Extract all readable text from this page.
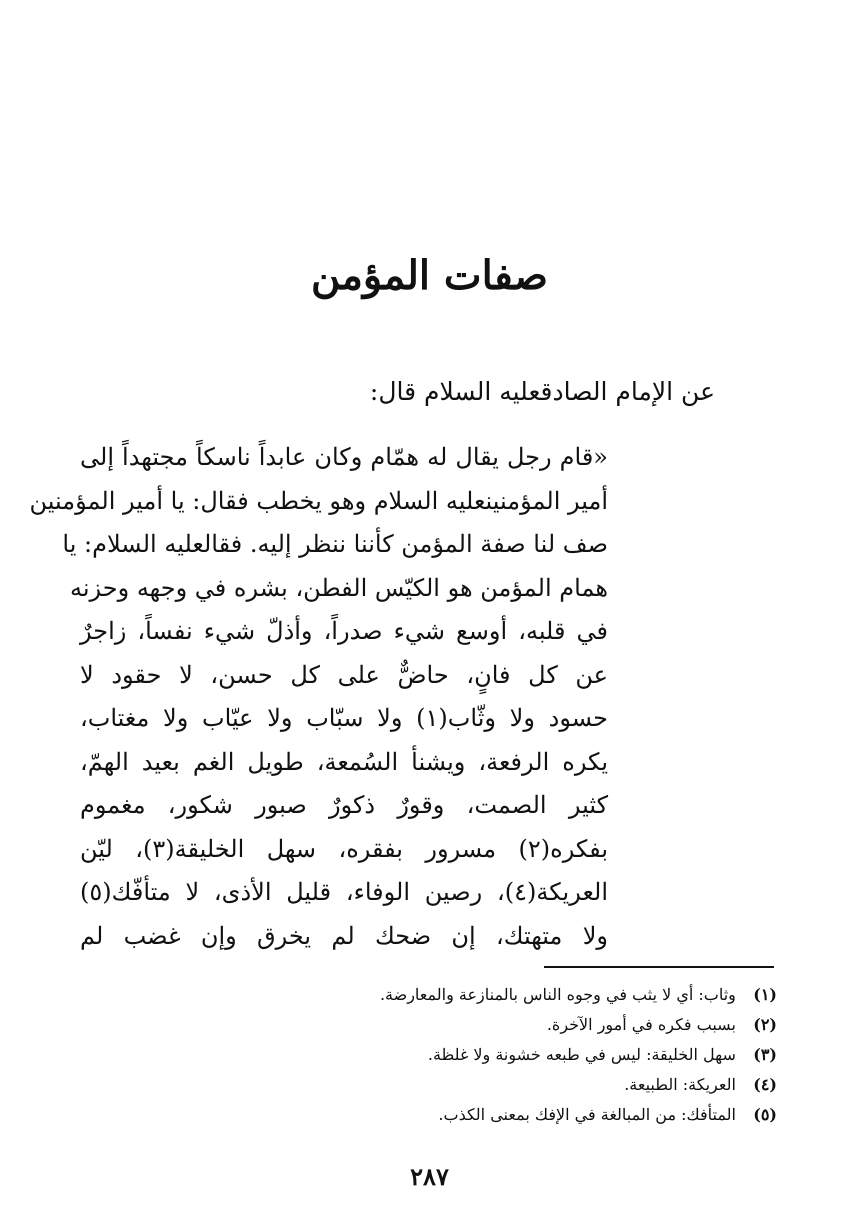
صفات المؤمن
عن الإمام الصادقعليه السلام قال:
«قام رجل يقال له همّام وكان عابداً ناسكاً مجتهداً إلى
أمير المؤمنينعليه السلام وهو يخطب فقال: يا أمير المؤمنين
صف لنا صفة المؤمن كأننا ننظر إليه. فقالعليه السلام: يا
همام المؤمن هو الكيّس الفطن، بشره في وجهه وحزنه
في قلبه، أوسع شيء صدراً، وأذلّ شيء نفساً، زاجرٌ
عن كل فانٍ، حاضٌّ على كل حسن، لا حقود لا
حسود ولا وثّاب(١) ولا سبّاب ولا عيّاب ولا مغتاب،
يكره الرفعة، ويشنأ السُمعة، طويل الغم بعيد الهمّ،
كثير الصمت، وقورٌ ذكورٌ صبور شكور، مغموم
بفكره(٢) مسرور بفقره، سهل الخليقة(٣)، ليّن
العريكة(٤)، رصين الوفاء، قليل الأذى، لا متأفّك(٥)
ولا متهتك، إن ضحك لم يخرق وإن غضب لم
(١) وثاب: أي لا يثب في وجوه الناس بالمنازعة والمعارضة.
(٢) بسبب فكره في أمور الآخرة.
(٣) سهل الخليقة: ليس في طبعه خشونة ولا غلظة.
(٤) العريكة: الطبيعة.
(٥) المتأفك: من المبالغة في الإفك بمعنى الكذب.
٢٨٧
